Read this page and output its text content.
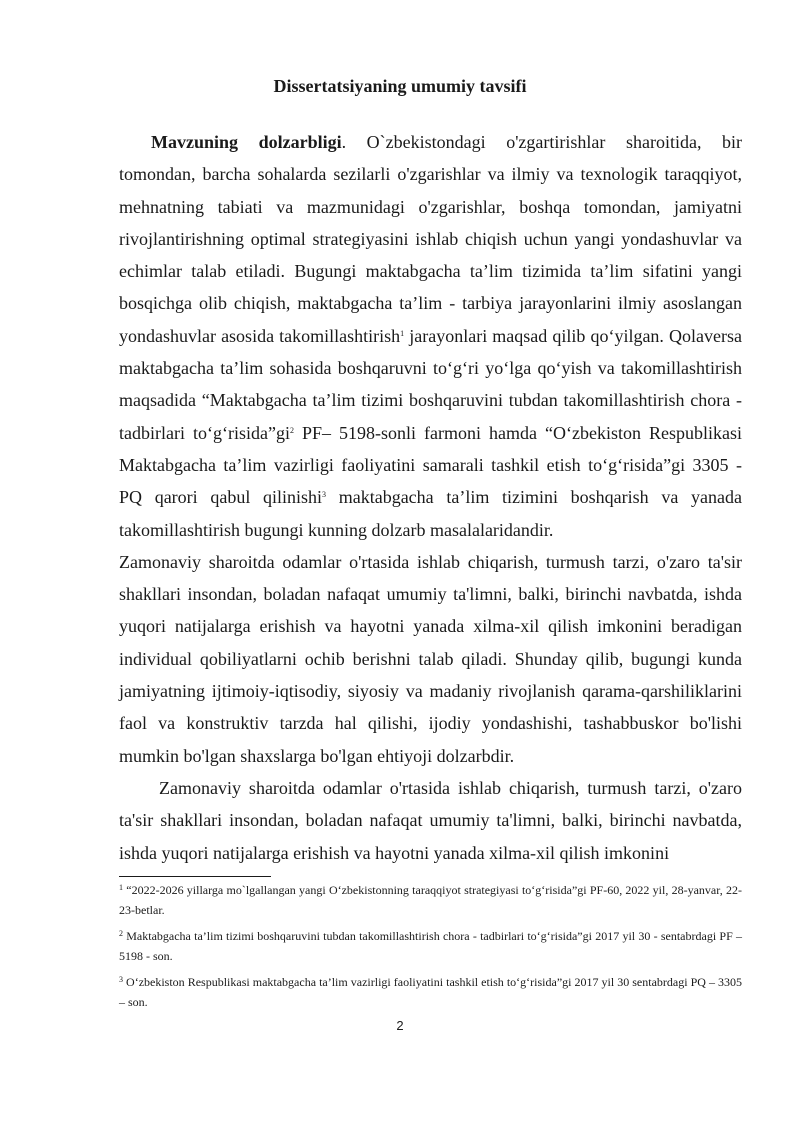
Dissertatsiyaning umumiy tavsifi

Mavzuning dolzarbligi. O`zbekistondagi o'zgartirishlar sharoitida, bir tomondan, barcha sohalarda sezilarli o'zgarishlar va ilmiy va texnologik taraqqiyot, mehnatning tabiati va mazmunidagi o'zgarishlar, boshqa tomondan, jamiyatni rivojlantirishning optimal strategiyasini ishlab chiqish uchun yangi yondashuvlar va echimlar talab etiladi. Bugungi maktabgacha ta’lim tizimida ta’lim sifatini yangi bosqichga olib chiqish, maktabgacha ta’lim - tarbiya jarayonlarini ilmiy asoslangan yondashuvlar asosida takomillashtirish$^1$ jarayonlari maqsad qilib qo‘yilgan. Qolaversa maktabgacha ta’lim sohasida boshqaruvni to‘g‘ri yo‘lga qo‘yish va takomillashtirish maqsadida “Maktabgacha ta’lim tizimi boshqaruvini tubdan takomillashtirish chora - tadbirlari to‘g‘risida”gi$^2$ PF– 5198-sonli farmoni hamda “O‘zbekiston Respublikasi Maktabgacha ta’lim vazirligi faoliyatini samarali tashkil etish to‘g‘risida”gi 3305 - PQ qarori qabul qilinishi$^3$ maktabgacha ta’lim tizimini boshqarish va yanada takomillashtirish bugungi kunning dolzarb masalalaridandir.

Zamonaviy sharoitda odamlar o'rtasida ishlab chiqarish, turmush tarzi, o'zaro ta'sir shakllari insondan, boladan nafaqat umumiy ta'limni, balki, birinchi navbatda, ishda yuqori natijalarga erishish va hayotni yanada xilma-xil qilish imkonini beradigan individual qobiliyatlarni ochib berishni talab qiladi. Shunday qilib, bugungi kunda jamiyatning ijtimoiy-iqtisodiy, siyosiy va madaniy rivojlanish qarama-qarshiliklarini faol va konstruktiv tarzda hal qilishi, ijodiy yondashishi, tashabbuskor bo'lishi mumkin bo'lgan shaxslarga bo'lgan ehtiyoji dolzarbdir.

Zamonaviy sharoitda odamlar o'rtasida ishlab chiqarish, turmush tarzi, o'zaro ta'sir shakllari insondan, boladan nafaqat umumiy ta'limni, balki, birinchi navbatda, ishda yuqori natijalarga erishish va hayotni yanada xilma-xil qilish imkonini

$^1$ “2022-2026 yillarga mo`lgallangan yangi O‘zbekistonning taraqqiyot strategiyasi to‘g‘risida”gi PF-60, 2022 yil, 28-yanvar, 22-23-betlar.

$^2$ Maktabgacha ta’lim tizimi boshqaruvini tubdan takomillashtirish chora - tadbirlari to‘g‘risida”gi 2017 yil 30 - sentabrdagi PF – 5198 - son.

$^3$ O‘zbekiston Respublikasi maktabgacha ta’lim vazirligi faoliyatini tashkil etish to‘g‘risida”gi 2017 yil 30 sentabrdagi PQ – 3305 – son.

2
